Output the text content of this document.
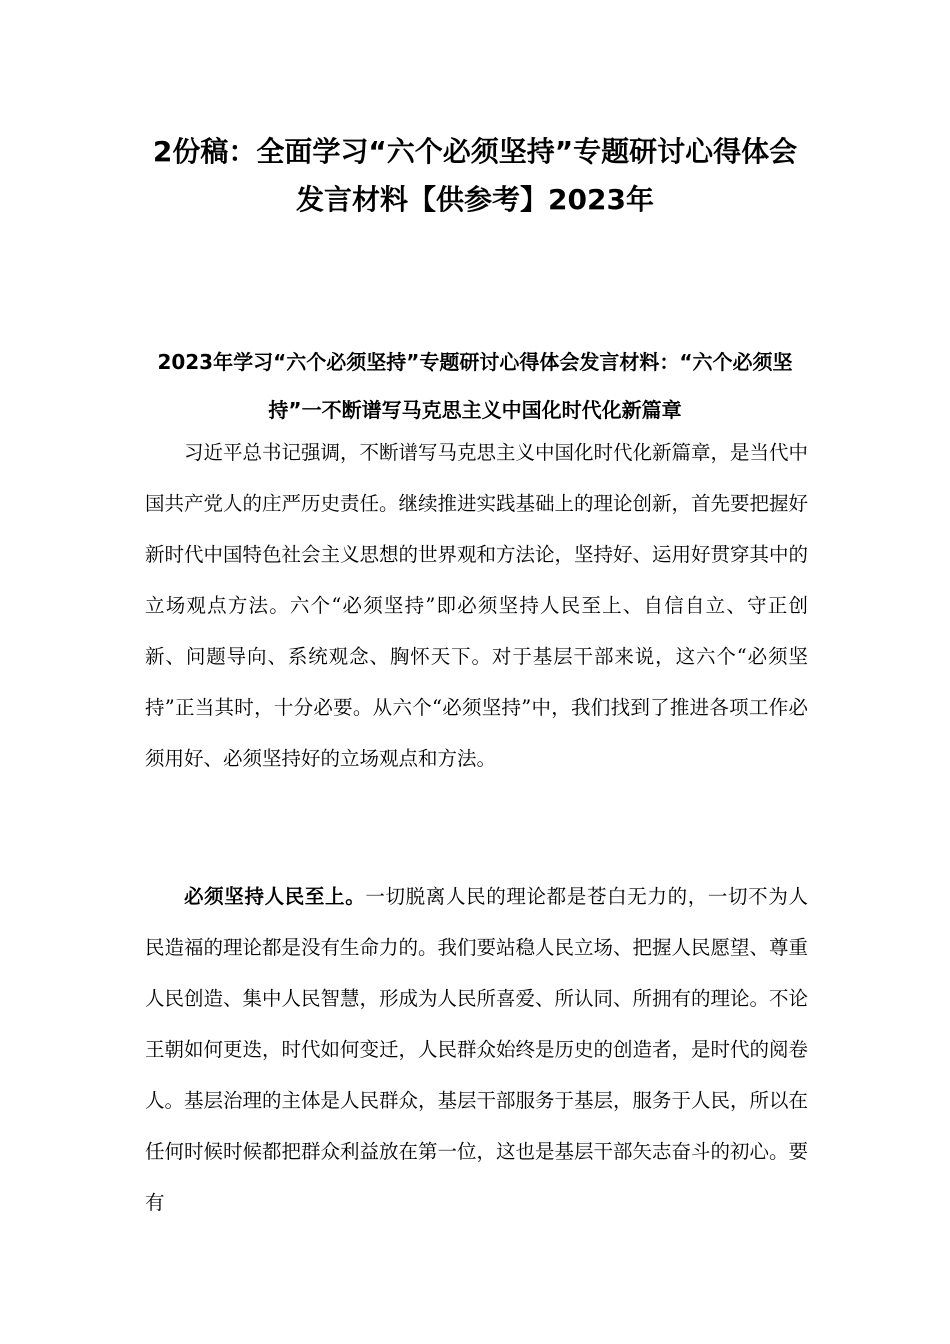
2份稿：全面学习“六个必须坚持”专题研讨心得体会发言材料【供参考】2023年
2023年学习“六个必须坚持”专题研讨心得体会发言材料：“六个必须坚持”一不断谱写马克思主义中国化时代化新篇章

习近平总书记强调，不断谱写马克思主义中国化时代化新篇章，是当代中国共产党人的庄严历史责任。继续推进实践基础上的理论创新，首先要把握好新时代中国特色社会主义思想的世界观和方法论，坚持好、运用好贯穿其中的立场观点方法。六个“必须坚持”即必须坚持人民至上、自信自立、守正创新、问题导向、系统观念、胸怀天下。对于基层干部来说，这六个“必须坚持”正当其时，十分必要。从六个“必须坚持”中，我们找到了推进各项工作必须用好、必须坚持好的立场观点和方法。

必须坚持人民至上。一切脱离人民的理论都是苍白无力的，一切不为人民造福的理论都是没有生命力的。我们要站稳人民立场、把握人民愿望、尊重人民创造、集中人民智慧，形成为人民所喜爱、所认同、所拥有的理论。不论王朝如何更迭，时代如何变迁，人民群众始终是历史的创造者，是时代的阅卷人。基层治理的主体是人民群众，基层干部服务于基层，服务于人民，所以在任何时候时候都把群众利益放在第一位，这也是基层干部矢志奋斗的初心。要有
